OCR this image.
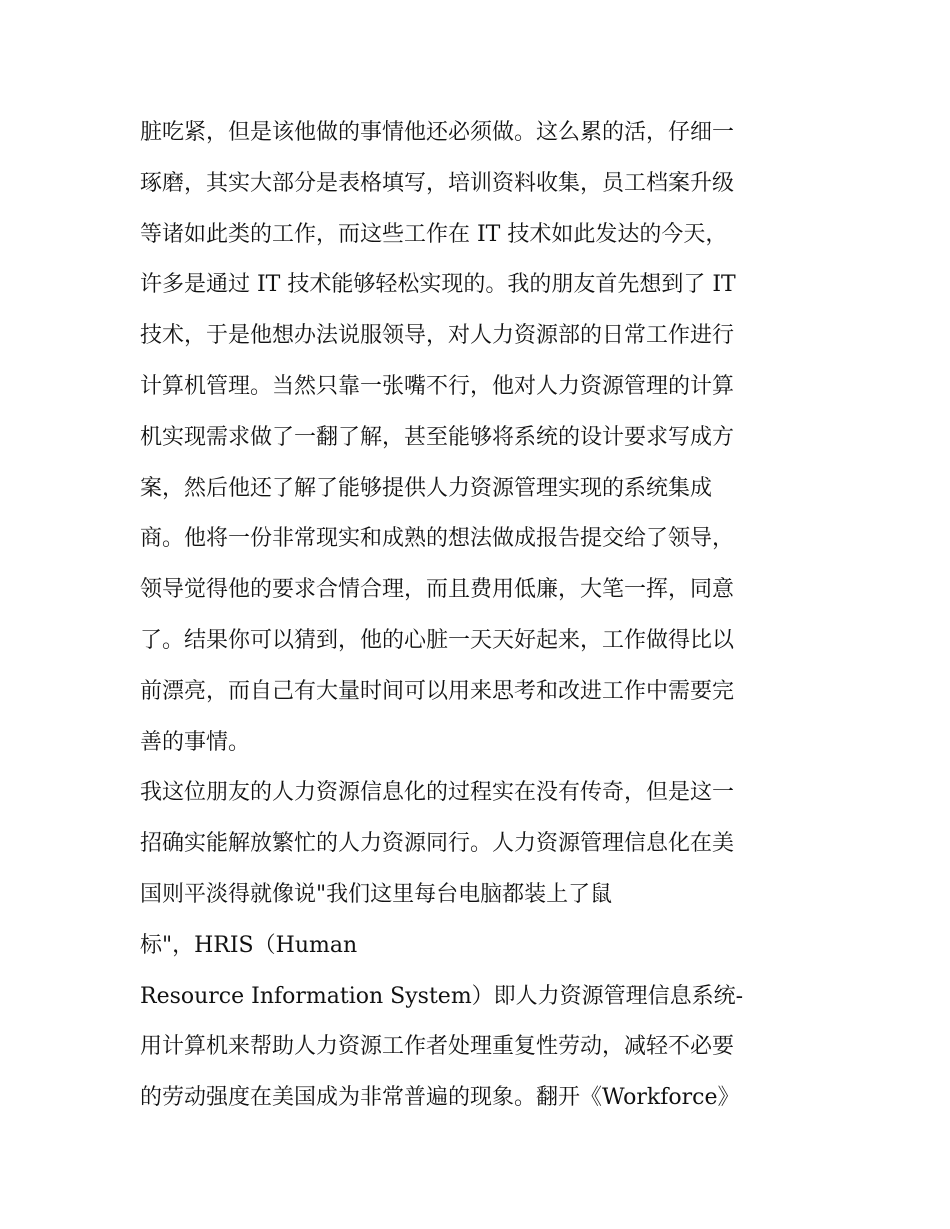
脏吃紧，但是该他做的事情他还必须做。这么累的活，仔细一

琢磨，其实大部分是表格填写，培训资料收集，员工档案升级

等诸如此类的工作，而这些工作在 IT 技术如此发达的今天，

许多是通过 IT 技术能够轻松实现的。我的朋友首先想到了 IT

技术，于是他想办法说服领导，对人力资源部的日常工作进行

计算机管理。当然只靠一张嘴不行，他对人力资源管理的计算

机实现需求做了一翻了解，甚至能够将系统的设计要求写成方

案，然后他还了解了能够提供人力资源管理实现的系统集成

商。他将一份非常现实和成熟的想法做成报告提交给了领导，

领导觉得他的要求合情合理，而且费用低廉，大笔一挥，同意

了。结果你可以猜到，他的心脏一天天好起来，工作做得比以

前漂亮，而自己有大量时间可以用来思考和改进工作中需要完

善的事情。

我这位朋友的人力资源信息化的过程实在没有传奇，但是这一

招确实能解放繁忙的人力资源同行。人力资源管理信息化在美

国则平淡得就像说"我们这里每台电脑都装上了鼠

标"，HRIS（Human

Resource Information System）即人力资源管理信息系统-

用计算机来帮助人力资源工作者处理重复性劳动，减轻不必要

的劳动强度在美国成为非常普遍的现象。翻开《Workforce》
